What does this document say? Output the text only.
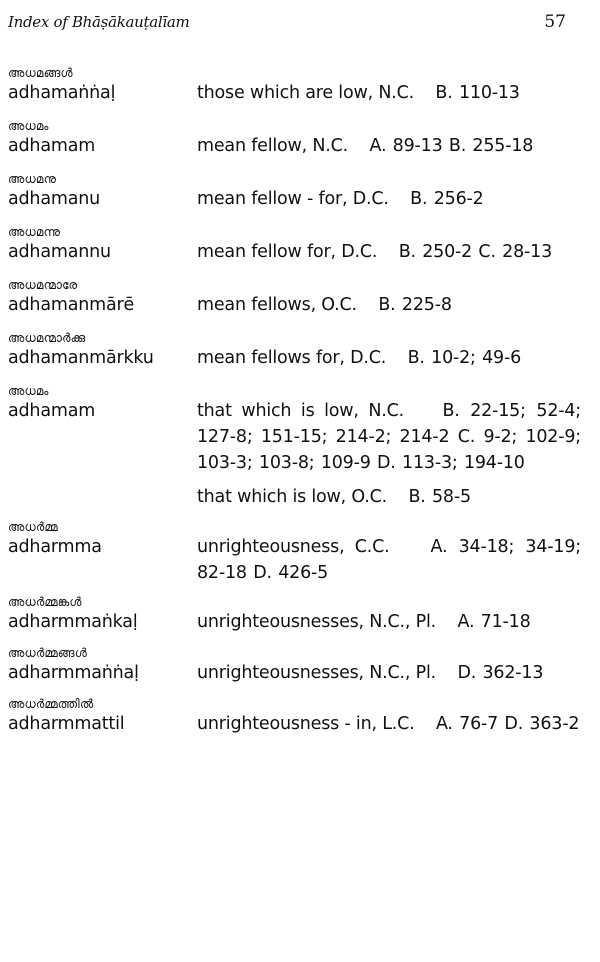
Index of Bhāṣākauṭalīam	57
അധമങ്ങൾ
adhamaṅṅaḷ	those which are low, N.C. B. 110-13
അധമം
adhamam	mean fellow, N.C. A. 89-13 B. 255-18
അധമനു
adhamanu	mean fellow - for, D.C. B. 256-2
അധമന്നു
adhamannu	mean fellow for, D.C. B. 250-2 C. 28-13
അധമന്മാരേ
adhamanmārē	mean fellows, O.C. B. 225-8
അധമന്മാർക്കു
adhamanmārkku	mean fellows for, D.C. B. 10-2; 49-6
അധമം
adhamam	that which is low, N.C. B. 22-15; 52-4; 127-8; 151-15; 214-2; 214-2 C. 9-2; 102-9; 103-3; 103-8; 109-9 D. 113-3; 194-10
that which is low, O.C. B. 58-5
അധർമ്മ
adharmma	unrighteousness, C.C. A. 34-18; 34-19; 82-18 D. 426-5
അധർമ്മങ്കൾ
adharmmaṅkaḷ	unrighteousnesses, N.C., Pl. A. 71-18
അധർമ്മങ്ങൾ
adharmmaṅṅaḷ	unrighteousnesses, N.C., Pl. D. 362-13
അധർമ്മത്തിൽ
adharmmattil	unrighteousness - in, L.C. A. 76-7 D. 363-2
